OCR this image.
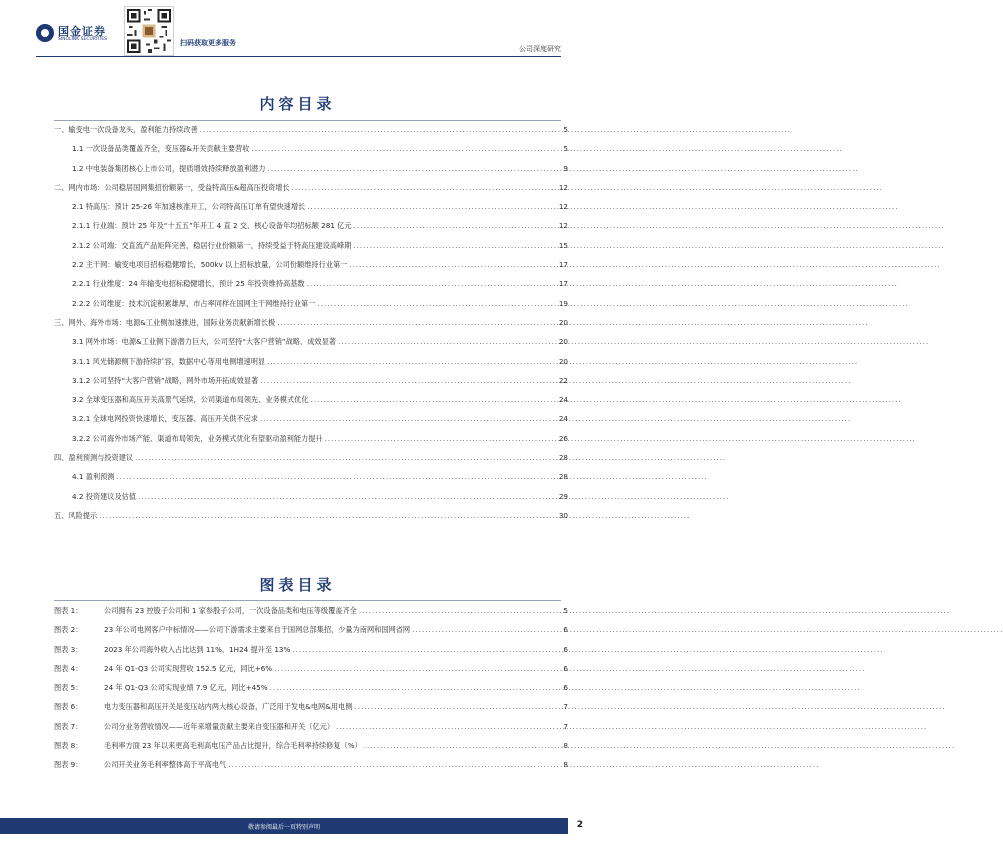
国金证券
SINOLINK SECURITIES	扫码获取更多服务
公司深度研究
内容目录
一、输变电一次设备龙头，盈利能力持续改善 .....	5
1.1 一次设备品类覆盖齐全，变压器&开关贡献主要营收 .....	5
1.2 中电装备集团核心上市公司，提质增效持续释放盈利潜力 .....	9
二、网内市场：公司稳居国网集招份额第一，受益特高压&超高压投资增长 .....	12
2.1 特高压：预计 25-26 年加速核准开工，公司特高压订单有望快速增长 .....	12
2.1.1 行业端：预计 25 年及“十五五”年开工 4 直 2 交、核心设备年均招标额 281 亿元 .....	12
2.1.2 公司端：交直流产品矩阵完善，稳居行业份额第一，持续受益于特高压建设高峰期 .....	15
2.2 主干网：输变电项目招标稳健增长，500kv 以上招标放量，公司份额维持行业第一 .....	17
2.2.1 行业维度：24 年输变电招标稳健增长，预计 25 年投资维持高基数 .....	17
2.2.2 公司维度：技术沉淀积累雄厚，市占率同样在国网主干网维持行业第一 .....	19
三、网外、海外市场：电源&工业侧加速推进，国际业务贡献新增长极 .....	20
3.1 网外市场：电源&工业侧下游潜力巨大，公司坚持“大客户营销”战略、成效显著 .....	20
3.1.1 风光储源侧下游持续扩容，数据中心等用电侧增速明显 .....	20
3.1.2 公司坚持“大客户营销”战略，网外市场开拓成效显著 .....	22
3.2 全球变压器和高压开关高景气延续，公司渠道布局领先、业务模式优化 .....	24
3.2.1 全球电网投资快速增长，变压器、高压开关供不应求 .....	24
3.2.2 公司海外市场产能、渠道布局领先，业务模式优化有望驱动盈利能力提升 .....	26
四、盈利预测与投资建议 .....	28
4.1 盈利预测 .....	28
4.2 投资建议及估值 .....	29
五、风险提示 .....	30
图表目录
图表 1：	公司拥有 23 控股子公司和 1 家参股子公司，一次设备品类和电压等级覆盖齐全 .....	5
图表 2：	23 年公司电网客户中标情况——公司下游需求主要来自于国网总部集招，少量为南网和国网省网 .....	6
图表 3：	2023 年公司海外收入占比达到 11%，1H24 提升至 13% .....	6
图表 4：	24 年 Q1-Q3 公司实现营收 152.5 亿元，同比+6% .....	6
图表 5：	24 年 Q1-Q3 公司实现业绩 7.9 亿元，同比+45% .....	6
图表 6：	电力变压器和高压开关是变压站内两大核心设备，广泛用于发电&电网&用电侧 .....	7
图表 7：	公司分业务营收情况——近年来增量贡献主要来自变压器和开关（亿元） .....	7
图表 8：	毛利率方面 23 年以来更高毛利高电压产品占比提升，综合毛利率持续修复（%） .....	8
图表 9：	公司开关业务毛利率整体高于平高电气 .....	8
敬请参阅最后一页特别声明	2
